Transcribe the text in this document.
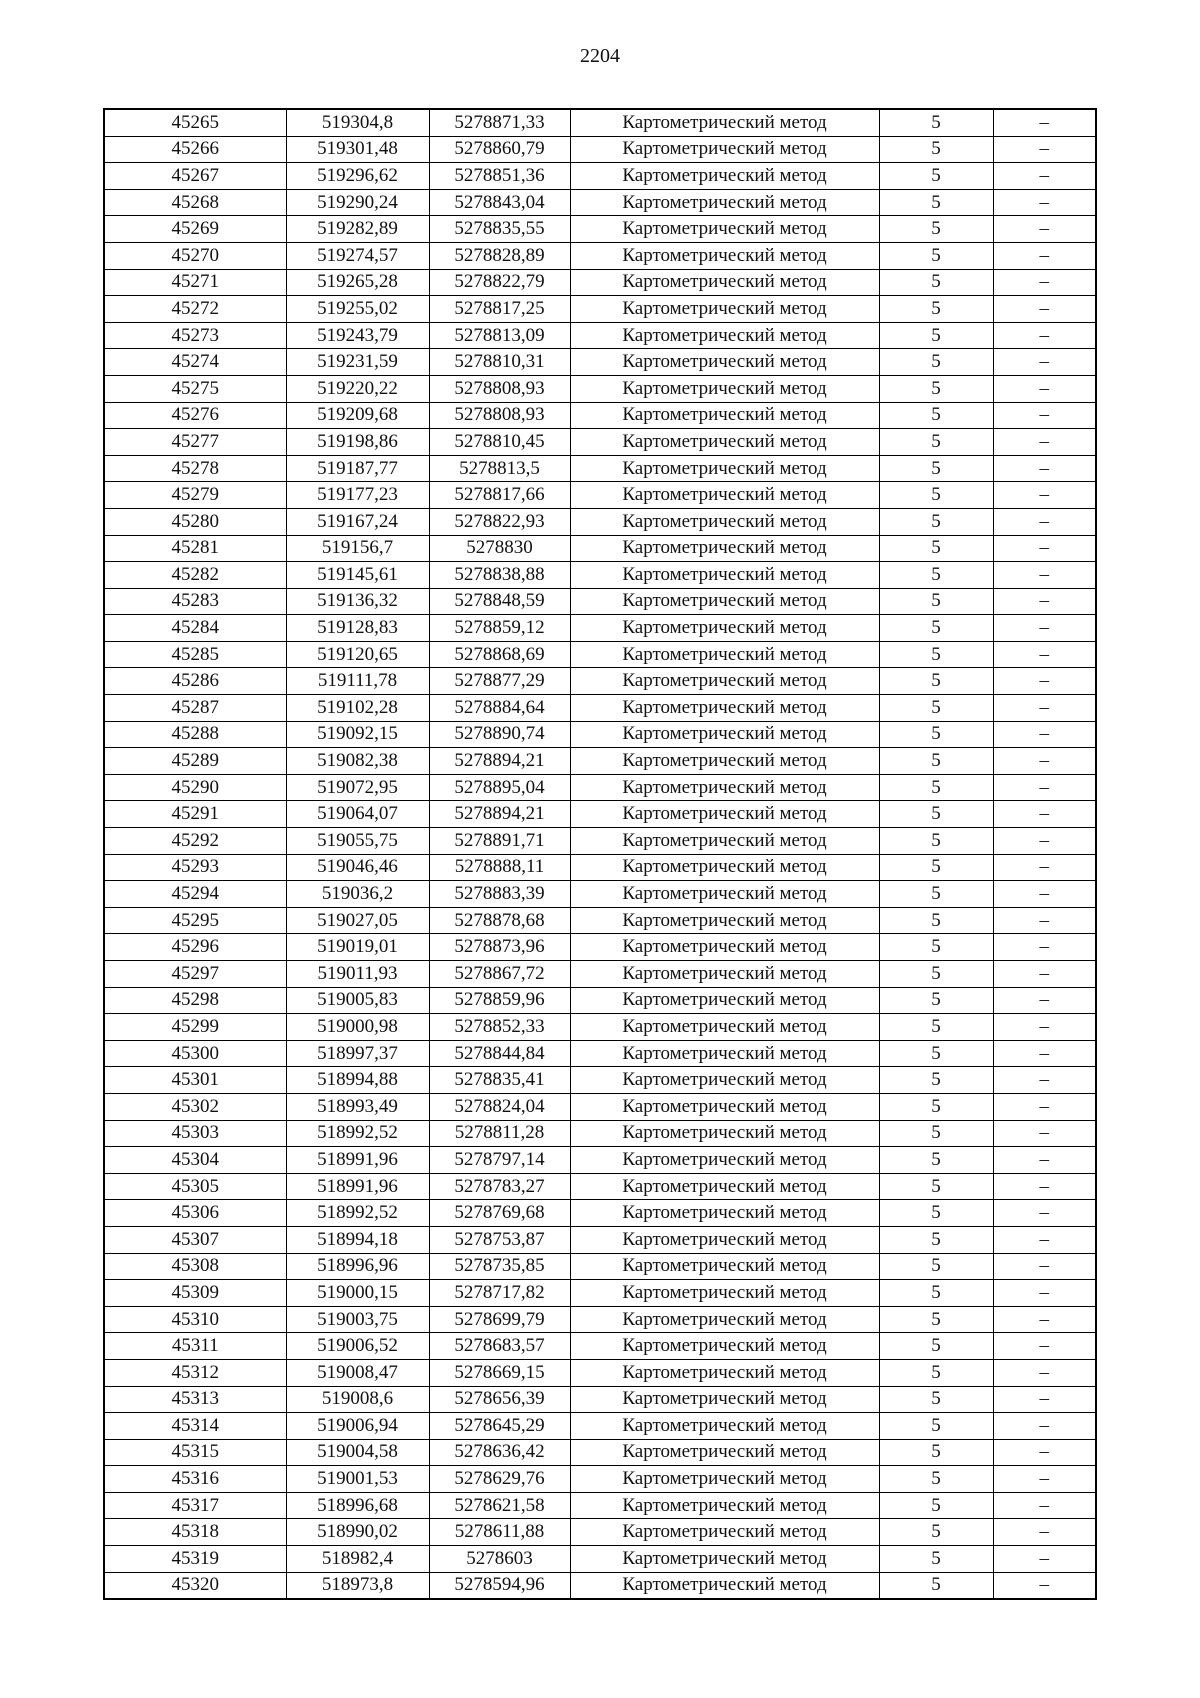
2204
45265	519304,8	5278871,33	Картометрический метод	5	–
45266	519301,48	5278860,79	Картометрический метод	5	–
45267	519296,62	5278851,36	Картометрический метод	5	–
45268	519290,24	5278843,04	Картометрический метод	5	–
45269	519282,89	5278835,55	Картометрический метод	5	–
45270	519274,57	5278828,89	Картометрический метод	5	–
45271	519265,28	5278822,79	Картометрический метод	5	–
45272	519255,02	5278817,25	Картометрический метод	5	–
45273	519243,79	5278813,09	Картометрический метод	5	–
45274	519231,59	5278810,31	Картометрический метод	5	–
45275	519220,22	5278808,93	Картометрический метод	5	–
45276	519209,68	5278808,93	Картометрический метод	5	–
45277	519198,86	5278810,45	Картометрический метод	5	–
45278	519187,77	5278813,5	Картометрический метод	5	–
45279	519177,23	5278817,66	Картометрический метод	5	–
45280	519167,24	5278822,93	Картометрический метод	5	–
45281	519156,7	5278830	Картометрический метод	5	–
45282	519145,61	5278838,88	Картометрический метод	5	–
45283	519136,32	5278848,59	Картометрический метод	5	–
45284	519128,83	5278859,12	Картометрический метод	5	–
45285	519120,65	5278868,69	Картометрический метод	5	–
45286	519111,78	5278877,29	Картометрический метод	5	–
45287	519102,28	5278884,64	Картометрический метод	5	–
45288	519092,15	5278890,74	Картометрический метод	5	–
45289	519082,38	5278894,21	Картометрический метод	5	–
45290	519072,95	5278895,04	Картометрический метод	5	–
45291	519064,07	5278894,21	Картометрический метод	5	–
45292	519055,75	5278891,71	Картометрический метод	5	–
45293	519046,46	5278888,11	Картометрический метод	5	–
45294	519036,2	5278883,39	Картометрический метод	5	–
45295	519027,05	5278878,68	Картометрический метод	5	–
45296	519019,01	5278873,96	Картометрический метод	5	–
45297	519011,93	5278867,72	Картометрический метод	5	–
45298	519005,83	5278859,96	Картометрический метод	5	–
45299	519000,98	5278852,33	Картометрический метод	5	–
45300	518997,37	5278844,84	Картометрический метод	5	–
45301	518994,88	5278835,41	Картометрический метод	5	–
45302	518993,49	5278824,04	Картометрический метод	5	–
45303	518992,52	5278811,28	Картометрический метод	5	–
45304	518991,96	5278797,14	Картометрический метод	5	–
45305	518991,96	5278783,27	Картометрический метод	5	–
45306	518992,52	5278769,68	Картометрический метод	5	–
45307	518994,18	5278753,87	Картометрический метод	5	–
45308	518996,96	5278735,85	Картометрический метод	5	–
45309	519000,15	5278717,82	Картометрический метод	5	–
45310	519003,75	5278699,79	Картометрический метод	5	–
45311	519006,52	5278683,57	Картометрический метод	5	–
45312	519008,47	5278669,15	Картометрический метод	5	–
45313	519008,6	5278656,39	Картометрический метод	5	–
45314	519006,94	5278645,29	Картометрический метод	5	–
45315	519004,58	5278636,42	Картометрический метод	5	–
45316	519001,53	5278629,76	Картометрический метод	5	–
45317	518996,68	5278621,58	Картометрический метод	5	–
45318	518990,02	5278611,88	Картометрический метод	5	–
45319	518982,4	5278603	Картометрический метод	5	–
45320	518973,8	5278594,96	Картометрический метод	5	–
